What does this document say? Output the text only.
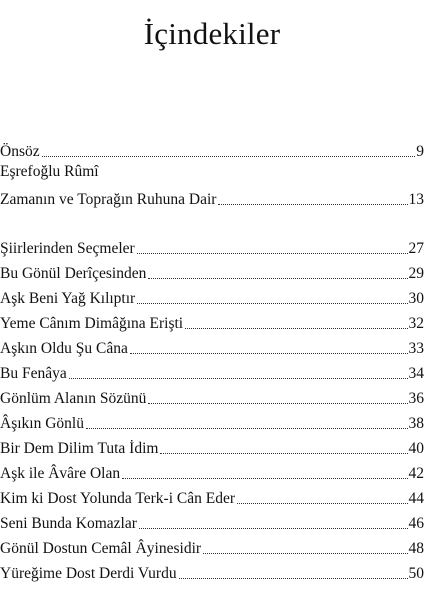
İçindekiler
Önsöz	9
Eşrefoğlu Rûmî
Zamanın ve Toprağın Ruhuna Dair	13
Şiirlerinden Seçmeler	27
Bu Gönül Derîçesinden	29
Aşk Beni Yağ Kılıptır	30
Yeme Cânım Dimâğına Erişti	32
Aşkın Oldu Şu Câna	33
Bu Fenâya	34
Gönlüm Alanın Sözünü	36
Âşıkın Gönlü	38
Bir Dem Dilim Tuta İdim	40
Aşk ile Âvâre Olan	42
Kim ki Dost Yolunda Terk-i Cân Eder	44
Seni Bunda Komazlar	46
Gönül Dostun Cemâl Âyinesidir	48
Yüreğime Dost Derdi Vurdu	50
